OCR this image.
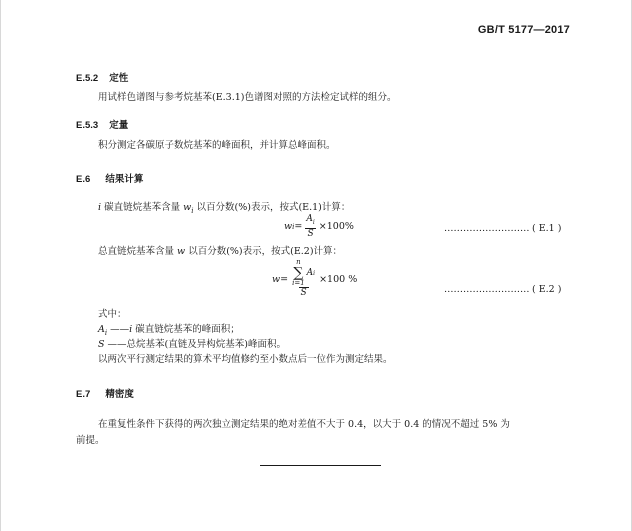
GB/T 5177—2017
E.5.2 定性
用试样色谱图与参考烷基苯(E.3.1)色谱图对照的方法检定试样的组分。
E.5.3 定量
积分测定各碳原子数烷基苯的峰面积，并计算总峰面积。
E.6 结果计算
i 碳直链烷基苯含量 $w_i$ 以百分数(%)表示，按式(E.1)计算：
w $i = \frac{A_i}{S} \times 100\%$	……………………… ( E.1 )
总直链烷基苯含量 w 以百分数(%)表示，按式(E.2)计算：
w = n
∑
i=1
A i
S ×100 %
……………………… ( E.2 )
式中：
$A_i$ ——i 碳直链烷基苯的峰面积；
S ——总烷基苯(直链及异构烷基苯)峰面积。
以两次平行测定结果的算术平均值修约至小数点后一位作为测定结果。
E.7 精密度
在重复性条件下获得的两次独立测定结果的绝对差值不大于 0.4，以大于 0.4 的情况不超过 5% 为
前提。
